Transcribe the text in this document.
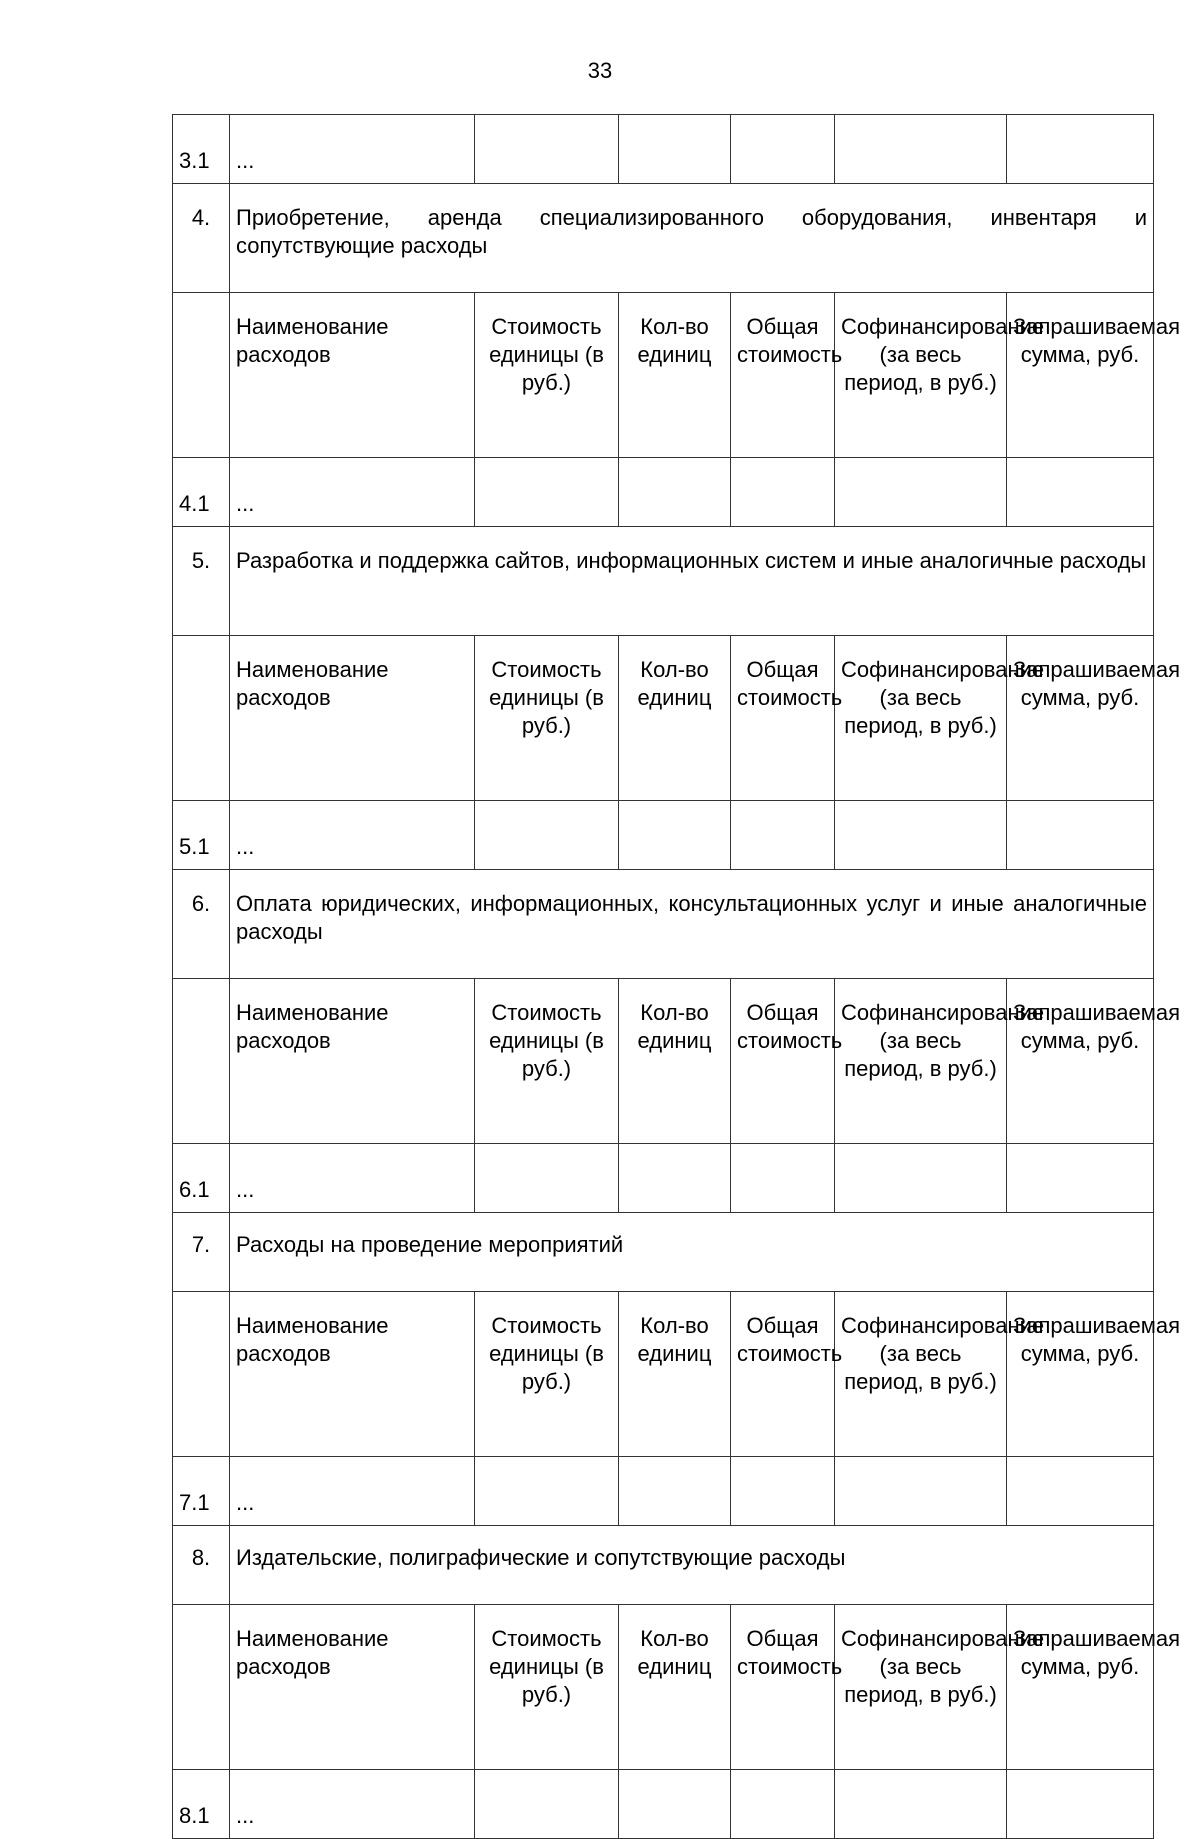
33
3.1	...					
4.	Приобретение, аренда специализированного оборудования, инвентаря и сопутствующие расходы					
	Наименование расходов	Стоимость единицы (в руб.)	Кол-во единиц	Общая стоимость	Софинансирование (за весь период, в руб.)	Запрашиваемая сумма, руб.
4.1	...					
5.	Разработка и поддержка сайтов, информационных систем и иные аналогичные расходы					
	Наименование расходов	Стоимость единицы (в руб.)	Кол-во единиц	Общая стоимость	Софинансирование (за весь период, в руб.)	Запрашиваемая сумма, руб.
5.1	...					
6.	Оплата юридических, информационных, консультационных услуг и иные аналогичные расходы					
	Наименование расходов	Стоимость единицы (в руб.)	Кол-во единиц	Общая стоимость	Софинансирование (за весь период, в руб.)	Запрашиваемая сумма, руб.
6.1	...					
7.	Расходы на проведение мероприятий					
	Наименование расходов	Стоимость единицы (в руб.)	Кол-во единиц	Общая стоимость	Софинансирование (за весь период, в руб.)	Запрашиваемая сумма, руб.
7.1	...					
8.	Издательские, полиграфические и сопутствующие расходы					
	Наименование расходов	Стоимость единицы (в руб.)	Кол-во единиц	Общая стоимость	Софинансирование (за весь период, в руб.)	Запрашиваемая сумма, руб.
8.1	...					
